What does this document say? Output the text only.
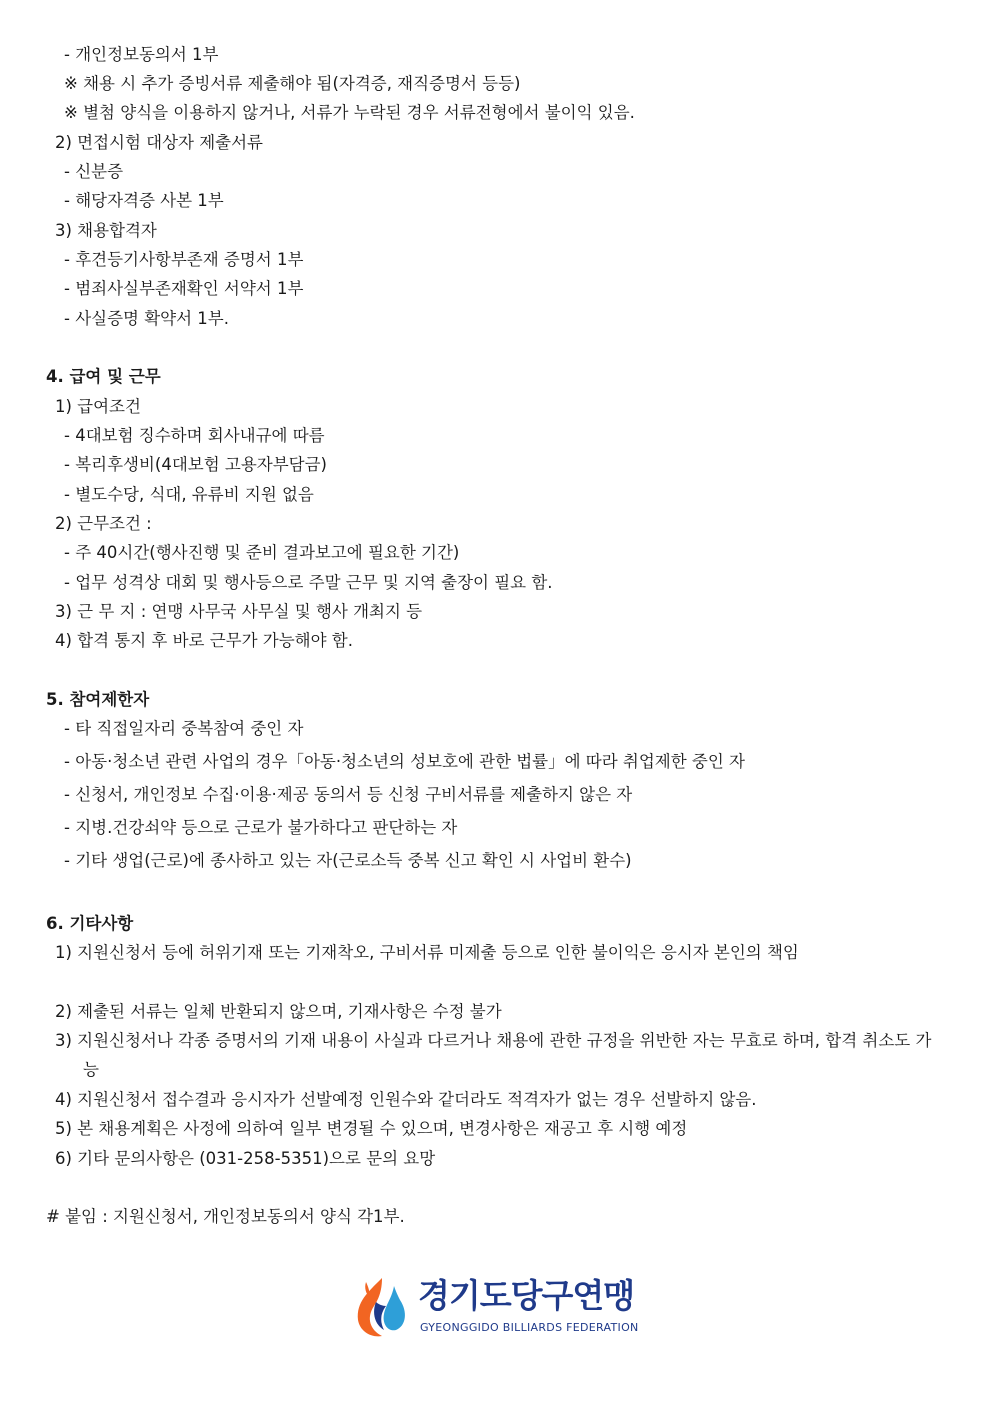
- 개인정보동의서 1부
※ 채용 시 추가 증빙서류 제출해야 됨(자격증, 재직증명서 등등)
※ 별첨 양식을 이용하지 않거나, 서류가 누락된 경우 서류전형에서 불이익 있음.
2) 면접시험 대상자 제출서류
- 신분증
- 해당자격증 사본 1부
3) 채용합격자
- 후견등기사항부존재 증명서 1부
- 범죄사실부존재확인 서약서 1부
- 사실증명 확약서 1부.
4. 급여 및 근무
1) 급여조건
- 4대보험 징수하며 회사내규에 따름
- 복리후생비(4대보험 고용자부담금)
- 별도수당, 식대, 유류비 지원 없음
2) 근무조건 :
- 주 40시간(행사진행 및 준비 결과보고에 필요한 기간)
- 업무 성격상 대회 및 행사등으로 주말 근무 및 지역 출장이 필요 함.
3) 근 무 지 : 연맹 사무국 사무실 및 행사 개최지 등
4) 합격 통지 후 바로 근무가 가능해야 함.
5. 참여제한자
- 타 직접일자리 중복참여 중인 자
- 아동·청소년 관련 사업의 경우「아동·청소년의 성보호에 관한 법률」에 따라 취업제한 중인 자
- 신청서, 개인정보 수집·이용·제공 동의서 등 신청 구비서류를 제출하지 않은 자
- 지병.건강쇠약 등으로 근로가 불가하다고 판단하는 자
- 기타 생업(근로)에 종사하고 있는 자(근로소득 중복 신고 확인 시 사업비 환수)
6. 기타사항
1) 지원신청서 등에 허위기재 또는 기재착오, 구비서류 미제출 등으로 인한 불이익은 응시자 본인의 책임
2) 제출된 서류는 일체 반환되지 않으며, 기재사항은 수정 불가
3) 지원신청서나 각종 증명서의 기재 내용이 사실과 다르거나 채용에 관한 규정을 위반한 자는 무효로 하며, 합격 취소도 가능
4) 지원신청서 접수결과 응시자가 선발예정 인원수와 같더라도 적격자가 없는 경우 선발하지 않음.
5) 본 채용계획은 사정에 의하여 일부 변경될 수 있으며, 변경사항은 재공고 후 시행 예정
6) 기타 문의사항은 (031-258-5351)으로 문의 요망
# 붙임 : 지원신청서, 개인정보동의서 양식 각1부.
경기도당구연맹
GYEONGGIDO BILLIARDS FEDERATION
